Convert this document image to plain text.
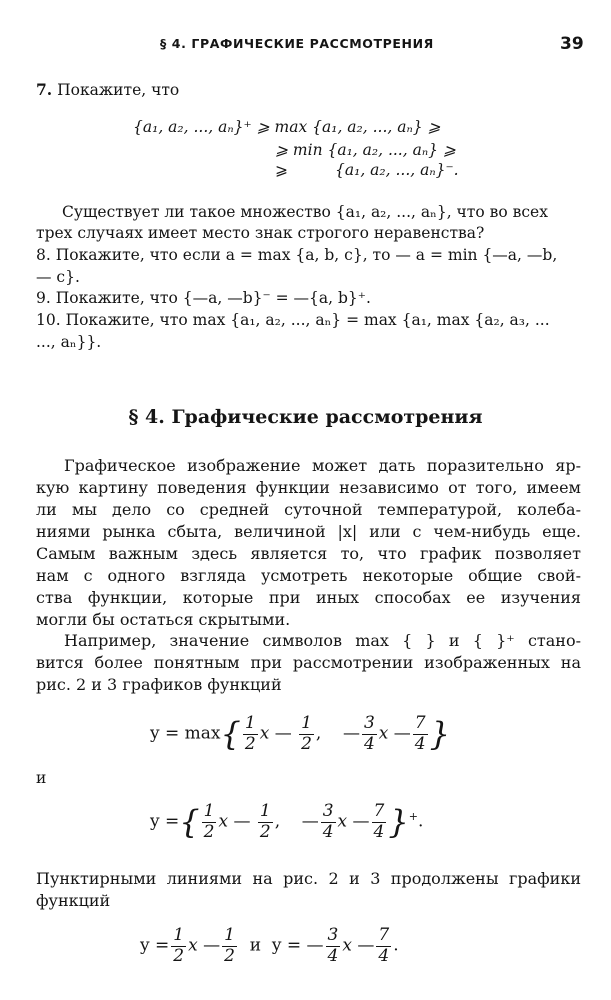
§ 4. ГРАФИЧЕСКИЕ РАССМОТРЕНИЯ	39
7. Покажите, что
{a₁, a₂, ..., aₙ}⁺ ⩾ max {a₁, a₂, ..., aₙ} ⩾
⩾ min {a₁, a₂, ..., aₙ} ⩾
⩾	{a₁, a₂, ..., aₙ}⁻.
Существует ли такое множество {a₁, a₂, ..., aₙ}, что во всех
трех случаях имеет место знак строгого неравенства?
8. Покажите, что если a = max {a, b, c}, то — a = min {—a, —b,
— c}.
9. Покажите, что {—a, —b}⁻ = —{a, b}⁺.
10. Покажите, что max {a₁, a₂, ..., aₙ} = max {a₁, max {a₂, a₃, ...
..., aₙ}}.
§ 4. Графические рассмотрения
Графическое изображение может дать поразительно яр-
кую картину поведения функции независимо от того, имеем
ли мы дело со средней суточной температурой, колеба-
ниями рынка сбыта, величиной |x| или с чем-нибудь еще.
Самым важным здесь является то, что график позволяет
нам с одного взгляда усмотреть некоторые общие свой-
ства функции, которые при иных способах ее изучения
могли бы остаться скрытыми.
Например, значение символов max { } и { }⁺ стано-
вится более понятным при рассмотрении изображенных на
рис. 2 и 3 графиков функций
$y = \max\{ \frac{1}{2}$ x — $\frac{1}{2}$ , — $\frac{3}{4}$ x — $\frac{7}{4}$ }
и
y ={ $\frac{1}{2}$ x — $\frac{1}{2}$ , — $\frac{3}{4}$ x — $\frac{7}{4} \}^+$.
Пунктирными линиями на рис. 2 и 3 продолжены графики
функций
$y = \frac{1}{2}$ x — $\frac{1}{2}$ и y = — $\frac{3}{4}$ x — $\frac{7}{4}$ .
